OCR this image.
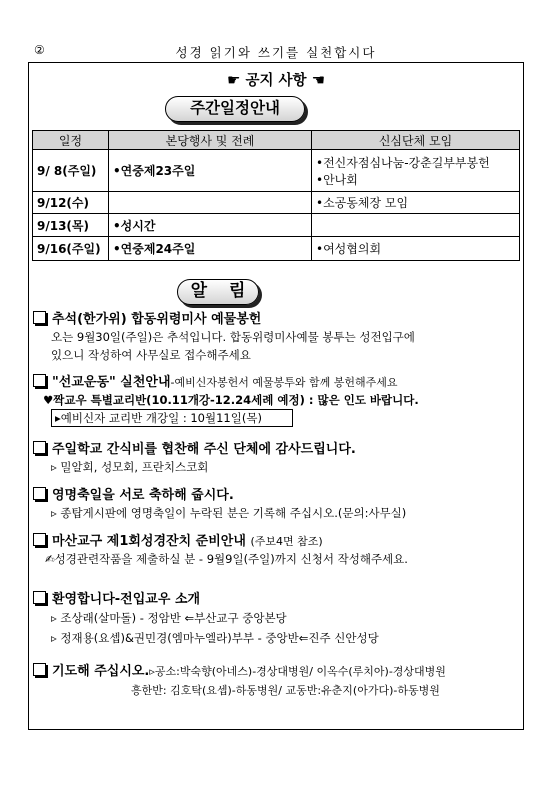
②	성경 읽기와 쓰기를 실천합시다
☛ 공지 사항 ☚
주간일정안내
일정	본당행사 및 전례	신심단체 모임
9/ 8(주일)	•연중제23주일	•전신자점심나눔-강춘길부부봉헌
•안나회

9/12(수)		•소공동체장 모임
9/13(목)	•성시간	
9/16(주일)	•연중제24주일	•여성협의회
알 림
추석(한가위) 합동위령미사 예물봉헌
오는 9월30일(주일)은 추석입니다. 합동위령미사예물 봉투는 성전입구에
있으니 작성하여 사무실로 접수해주세요
"선교운동" 실천안내-예비신자봉헌서 예물봉투와 함께 봉헌해주세요
♥짝교우 특별교리반(10.11개강-12.24세례 예정) : 많은 인도 바랍니다.
▸예비신자 교리반 개강일 : 10월11일(목)
주일학교 간식비를 협찬해 주신 단체에 감사드립니다.
▹ 밀알회, 성모회, 프란치스코회
영명축일을 서로 축하해 줍시다.
▹ 종탑게시판에 영명축일이 누락된 분은 기록해 주십시오.(문의:사무실)
마산교구 제1회성경잔치 준비안내 (주보4면 참조)
✍성경관련작품을 제출하실 분 - 9월9일(주일)까지 신청서 작성해주세요.
환영합니다-전입교우 소개
▹ 조상래(살마돌) - 정암반 ⇐부산교구 중앙본당
▹ 정재용(요셉)&권민경(엠마누엘라)부부 - 중앙반⇐진주 신안성당
기도해 주십시오.▹공소:박숙향(아네스)-경상대병원/ 이옥수(루치아)-경상대병원
흥한반: 김호탁(요셉)-하동병원/ 교동반:유춘지(아가다)-하동병원
